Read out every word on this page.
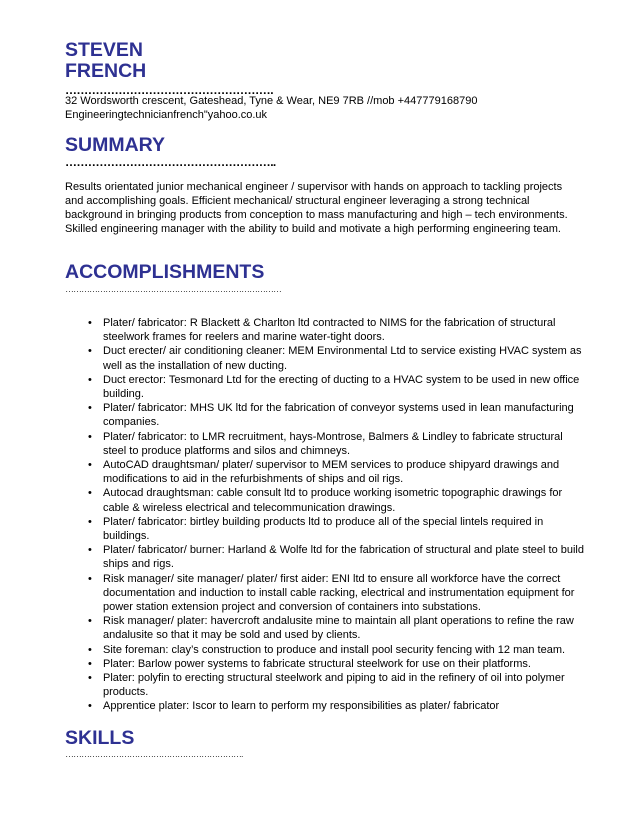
STEVEN
FRENCH
……………………………………………….
32 Wordsworth crescent, Gateshead, Tyne & Wear, NE9 7RB //mob +447779168790
Engineeringtechnicianfrench"yahoo.co.uk
SUMMARY
………………………………………………..
Results orientated junior mechanical engineer / supervisor with hands on approach to tackling projects and accomplishing goals. Efficient mechanical/ structural engineer leveraging a strong technical background in bringing products from conception to mass manufacturing and high – tech environments. Skilled engineering manager with the ability to build and motivate a high performing engineering team.
ACCOMPLISHMENTS
………………………………………………………………………
• Plater/ fabricator: R Blackett & Charlton ltd contracted to NIMS for the fabrication of structural steelwork frames for reelers and marine water-tight doors.
• Duct erecter/ air conditioning cleaner: MEM Environmental Ltd to service existing HVAC system as well as the installation of new ducting.
• Duct erector: Tesmonard Ltd for the erecting of ducting to a HVAC system to be used in new office building.
• Plater/ fabricator: MHS UK ltd for the fabrication of conveyor systems used in lean manufacturing companies.
• Plater/ fabricator: to LMR recruitment, hays-Montrose, Balmers & Lindley to fabricate structural steel to produce platforms and silos and chimneys.
• AutoCAD draughtsman/ plater/ supervisor to MEM services to produce shipyard drawings and modifications to aid in the refurbishments of ships and oil rigs.
• Autocad draughtsman: cable consult ltd to produce working isometric topographic drawings for cable & wireless electrical and telecommunication drawings.
• Plater/ fabricator: birtley building products ltd to produce all of the special lintels required in buildings.
• Plater/ fabricator/ burner: Harland & Wolfe ltd for the fabrication of structural and plate steel to build ships and rigs.
• Risk manager/ site manager/ plater/ first aider: ENI ltd to ensure all workforce have the correct documentation and induction to install cable racking, electrical and instrumentation equipment for power station extension project and conversion of containers into substations.
• Risk manager/ plater: havercroft andalusite mine to maintain all plant operations to refine the raw andalusite so that it may be sold and used by clients.
• Site foreman: clay’s construction to produce and install pool security fencing with 12 man team.
• Plater: Barlow power systems to fabricate structural steelwork for use on their platforms.
• Plater: polyfin to erecting structural steelwork and piping to aid in the refinery of oil into polymer products.
• Apprentice plater: Iscor to learn to perform my responsibilities as plater/ fabricator
SKILLS
………………………………………………………….
